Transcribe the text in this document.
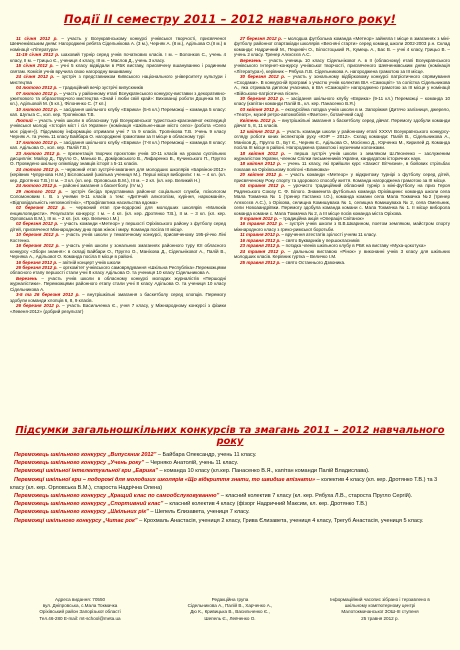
Події ІІ семестру 2011 – 2012 навчального року!

11 січня 2012 р. – участь у Всеукраїнському конкурсі учнівської творчості, присвяченої Шевченківським дням: Нагороджені ребята Сідельнікова А. (3 м.), Черняк А. (8 м.), Адільова О.(ІІ м.) в номінації «Література»

11-19 січня 2012 р. шаховий турнір серед учнів початкових класів. І м. – Волонков С., учень 4 класу, ІІ м. – Грицьо Є., учениця 4 класу, ІІІ м. – Маслов Д., учень 3 класу.

15 січня 2012 р. – учні 5 класу відвідали в РБК виставу, присвячену вшануванню і родинним святам. Комісія учнів вручила свою нагородну вишиванку.

24 січня 2012 р. – зустріч з представником Київського національного університету культури і мистецтва

04 лютого 2012 р. – традиційний вечір зустрічі випускників

07 лютого 2012 р. – участь у районному етапі Всеукраїнського конкурсу-виставки з декоративно-ужиткового та образотворчого мистецтва «Знай і люби свій край»: Вихованці роботи Доценка М. (5 кл.), Адільовой М. (5 кл.), Філоненко С. (7 кл.)

10 лютого 2012 р. – засідання шкільного клубу «Еврика» (5-6 кл.) Переможці – команда 5 класу: кап. Шульга С., кол. кер. Тропнікова Т.В.

Лютий – участь учнів школи в обласному турі Всеукраїнської туристсько-краєзнавчої експедиції учнівської молоді «Історія міст і сіл України» (номінація «Шкільне-наше місто село» (робота «Село моє рідне»)). Підсумкову інформацію отримали учні 7 та 9 класів. Тропнікова Т.В. Учень 9 класу Черняк А. та учень 11 класу Байбара О. нагороджені грамотами за ІІ місце в обласному турі

17 лютого 2012 р. – засідання шкільного клубу «Еврика» (7-8 кл.) Переможці – команда 8 класу: кап. Адільова О., кол. кер. Палій Г.В.)

23 лютого 2012 р. – презентація творчих проєктовн учнів 10-11 класів на уроках суспільних дисциплін: Майор Д., Пругло О., Манько В., Доміровського В., Лифаренко В., Кучинського П., Пругло О. Проведено шкільну олімпіаду знавців історії з 5-11 класів.

24 лютого 2012 р. – червоний етап зустрічі-змагання для молодших школярів «Барвінок-2012» (керівник Чупрунова Н.М.) Бісловський (шкільна учениця М.). Перші місця виборили: І м. – 4 кл. (кл. кер. Дротянко Т.В.) ІІ м. – 3 кл. (кл. кер. Орловська В.М.), ІІІ м. – 2 кл. (кл. кер. Великий Н.)

24 лютого 2012 р. – районні змагання з баскетболу. (ІV м.)

29 лютого 2012 р. – зустріч бесіда представника районної соціальної служби, псікологом Соломоновим І. В. з учнями 9-11 класів з тем: «Дитячий алкоголізм, куріння, наркоманія», «Відповідальність неповнолітніх», «Профілактика насильства вдома»

02 березня 2012 р. – червоний етап гри-подорожі для молодших школярів «Малюків енциклопедисти». Результати конкурсу: І м. – 4 кл. (кл. кер. Дротянко Т.В.), ІІ м. – 3 кл. (кл. кер. Орловська В.М.), ІІІ м. – 2 кл. (кл. кер. Величко І.М.)

02 березня 2012 р. – участь команди «Метеор» у першості Оріхівського району з футболу серед дітей, присвяченої Міжнародному дню прав жінок і миру. Команда посіла ІІІ місце.

10 березня 2012 р. – участь учнів школи у тематичному конкурсі, присвяченому 195-річчю Ліні Костенко.

16 березня 2012 р. – участь учнів школи у зональних змаганнях районного туру ЮІ обласного конкурсу «Збори знання»: в складі Байбари О., Пругло О., Маніхова Д., Сідельнікової А., Палій В., Черняка А., Адільової О. Команда посіла ІІ місце в районі.

16 березня 2012 р. – звітній концерт учнів школи

26 березня 2012 р. – оргкомітет учнівського самоврядування «Шкільна Республіка».Переможцями обласного етапу першості стали учні 8 класу Адільова О. та учениця 10 класу Сідельникова А.

Березень – участь учнів школи в обласному конкурсі молодих журналістів «Першодні журналістики». Переможцями районного етапу стали учні 8 класу Адільова О. та учениця 10 класу Сідельникова А.

3-5 та 26 березня 2012 р. – внутрішкільні змагання з баскетболу серед хлопців. Перемогу здобули команди хлопців 6, 8, 9 класів.

26 березня 2012 р. – участь Васильченка Є., учня 7 класу, у Міжнародному конкурсі з фізики «Левеня-2012» (добрий результат)

27 березня 2012 р. – молодша футбольна команда «Метеор» зайняла І місце в змаганнях з міні-футболу районної спартакіади школярів «Весняні старти» серед команд школи 2002-2003 р.н. Склад команди: Надричний М., Пецкевіч О., Білостоцький Я., Кумець А., Бас В. – учні 4 класу, Грицьо В. – учень 2 класу. Тренер Алєксєєв А.С.

Березень – участь учениць 10 класу Сідельнікової А. в ІІ (обласному) етапі Всеукраїнського учнівського Інтернет-конкурсу учнівської творчості, присвяченого Шевченківським дням (номінація «Література»), керівник – Рябуха Л.В. Сідельникова А. нагороджена грамотою за ІІІ місце.

30 березня 2012 р. – участь у зональному відбірковому конкурсі патріотичного спрямування «Сходами». В конкурсній програмі з участю учнів колектив ВІА «Самоцвіт» та солістка Сідельникова А., яка отримала диплом учасника, в ВІА «Самоцвіт» нагороджено грамотою за ІІІ місце у номінації «Військово-патріотична пісня».

30 березня 2012 р. – засідання шкільного клубу «Еврика» (9-11 кл.) Переможці – команда 10 класу (капітан команди Палій В., кл. кер. Панасенко В.Я.)

03 квітня 2012 р. – екскурсійна поїздка учнів школи в м. Запоріжжя (Дитячо залізниця, джерело, «Театр», музей ретро-автомобілів «Фаетон», ботанічний сад)

Квітень 2012 р. – внутрішкільні змагання з баскетболу серед дівчат. Перемогу здобули команди дівчат 5, 8, 11 класів.

12 квітня 2012 р. – участь команди школи у районному етапі XXXVI Всеукраїнського конкурсу-огляду роботи юних інспекторів руху «ЮІР – 2012». Склад команди: Палій В., Сідельникова А., Маніхов Д., Пругло О., Бут Є., Черняк Є., Адільова О., Мосієнко Д., Юрченко М., Кирилей Д. Команда посіла ІІІ місце в районі. Нагороджена грамотою і музичним колонками.

18 квітня 2012 р. – перша зустріч учнів школи з земляком Ш.Леоненко – заслуженим журналістом України, членом Спілки письменників України, кандидатом історичних наук.

18 квітня 2012 р. – учень 11 класу, які прийшли курс «Захист Вітчизни», в бойових стрільбах показав на Оріхівському полігоні «Блиновка»

20 квітня 2012 р. – участь команди «Метеор» у відкритому турнірі з футболу серед дітей, присвяченому Року спорту та здорового способу життя. Команда нагороджена грамотою за ІІІ місце.

04 травня 2012 р. – урочисто традиційний обласний турнір з міні-футболу на приз Героя Радянського Союзу С. Ф. Білого. Знаменита футбольна команда Оріхівщини: команда школи села Мала Токмачка № 1 (тренер Гастанко І.О.), команда комани села Мала Токмачка №2 (тренер Алєксєєв А.С.), з Оріхова, селищна Комишуваха № 1, селищна Комишуваха № 2, села Омельник, сели Новоаандріївки. Перемогу здобула команда комани с. Мала Токмачка № 1. ІІ місце виборола команда комани с. Мала Токмачка № 2, а ІІІ місце посів команда міста Оріхова.

9 травня 2012 р. – традиційна акція «Операція Світанок»

16 травня 2012 р. – зустріч учнів школи з В.В.Шкарином, поетом земляком, майстром спорту міжнародного класу з греко-римської боротьби.

11 травня 2012 р. – вручення атестатів зрілості учням 11 класу.

16 травня 2012 р. – свято Буквариків у першокласників

23 травня 2012 р. – поїздка членів шкільного клубу в РБК на виставу «Муха-цокотуха»

24 травня 2012 р. – дальньою виставою «Рінок» у виконанні учнів 3 класу для шкільних молодших класів. Керівник гуртка – Величко І.М.

25 травня 2012 р. – свято Останнього Дзвоника.

Підсумки загальношкільних конкурсів та змагань 2011 – 2012 навчального року

Переможець шкільного конкурсу „Випускник 2012” – Байбара Олександр, учень 11 класу.

Переможець шкільного конкурсу „Учень року” – Черняко Анатолій, учень 11 класу.

Переможці шкільної інтелектуальної гри „Еврика” – команда 10 класу (кл.кер. Панасенко В.Я., капітан команди Палій Владислава).

Переможці шкільної гри – подорожі для молодших школярів «Що відкриття знати, то швидше впізнати» – колектив 4 класу (кл. кер. Дротянко Т.В.) та 3 класу (кл. кер. Орловська В.М.), староста Надрічна Олена)

Переможець шкільного конкурсу „Кращий клас по самообслуговуванню” – класний колектив 7 класу (кл. кер. Рябуха Л.В., староста Пругло Сергій).

Переможець шкільного конкурсу „Спортивний клас” – класний колектив 4 класу (фізорг Надричний Максим, кл. кер. Дротянко Т.В.)

Переможець шкільного конкурсу „Шкільних рік” – Шепель Єлизавета, учениця 7 класу.

Переможці шкільного конкурсу „Читає рок” – Крохмаль Анастасія, учениця 2 класу, Грива Єлизавета, учениця 4 класу, Трегуб Анастасія, учениця 5 класу.

Адреса видання: 70550
вул. Дніпровська, с.Мала Токмачка
Оріхівський район Запорізької області
Тел.46-280 E-mail: mt-school@meta.ua
Редакційна група
Сідельникова А., Палій В., Харченко А.,
Дю К., Кривицька В., Васильченко Є.,
Шепель Є., Левченко О.
Інформаційний часопис зібрано і терзавлено в
шкільному комп'ютерному центрі
Малотокмачанської ЗОШ-ІІІ ступеня
25 травня 2012 р.
